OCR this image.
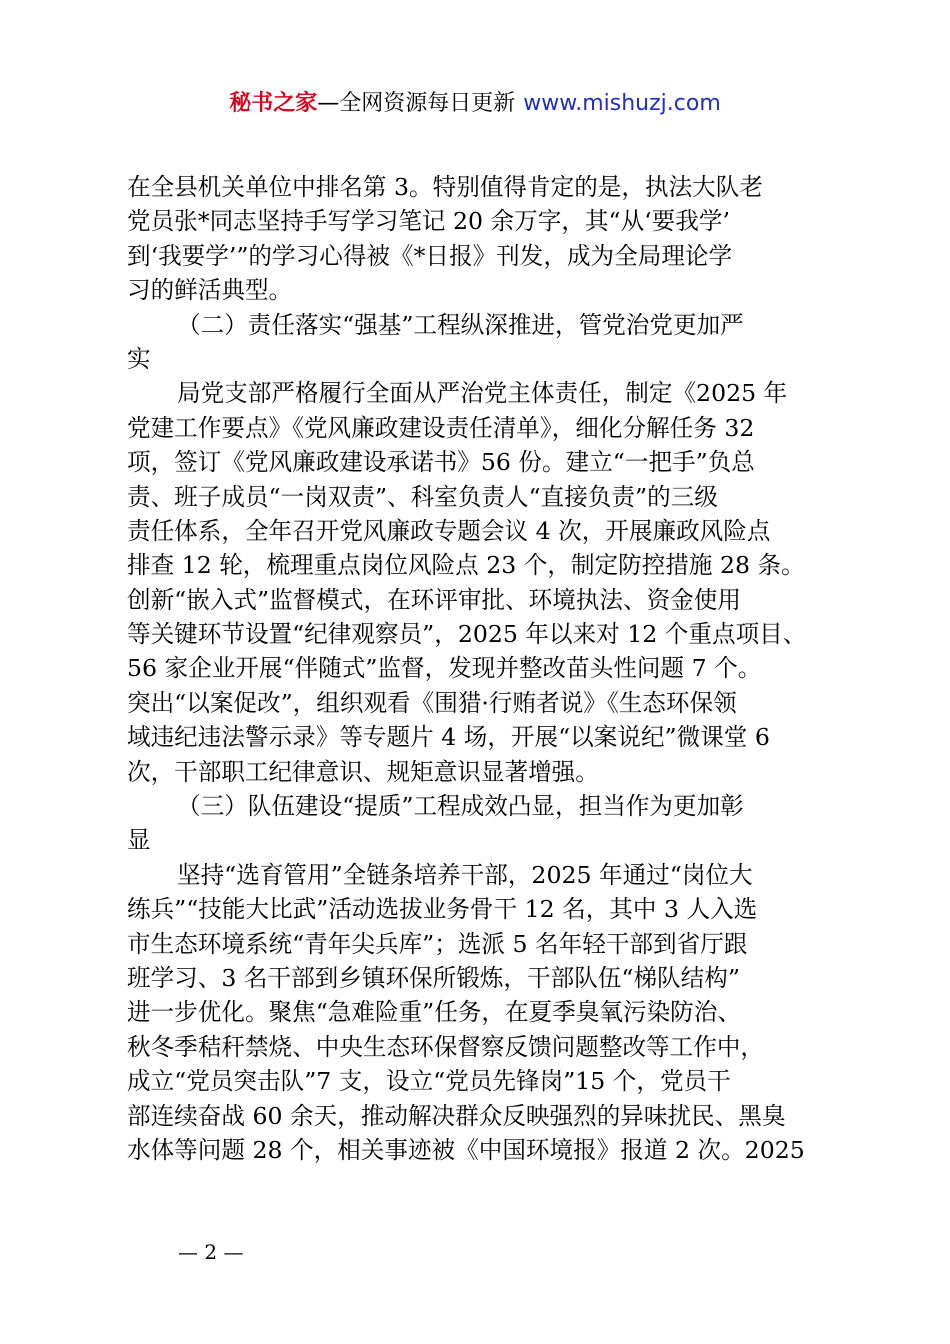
秘书之家—全网资源每日更新 www.mishuzj.com
在全县机关单位中排名第 3。特别值得肯定的是，执法大队老
党员张*同志坚持手写学习笔记 20 余万字，其“从‘要我学’
到‘我要学’”的学习心得被《*日报》刊发，成为全局理论学
习的鲜活典型。
（二）责任落实“强基”工程纵深推进，管党治党更加严
实
局党支部严格履行全面从严治党主体责任，制定《2025 年
党建工作要点》《党风廉政建设责任清单》，细化分解任务 32
项，签订《党风廉政建设承诺书》56 份。建立“一把手”负总
责、班子成员“一岗双责”、科室负责人“直接负责”的三级
责任体系，全年召开党风廉政专题会议 4 次，开展廉政风险点
排查 12 轮，梳理重点岗位风险点 23 个，制定防控措施 28 条。
创新“嵌入式”监督模式，在环评审批、环境执法、资金使用
等关键环节设置“纪律观察员”，2025 年以来对 12 个重点项目、
56 家企业开展“伴随式”监督，发现并整改苗头性问题 7 个。
突出“以案促改”，组织观看《围猎·行贿者说》《生态环保领
域违纪违法警示录》等专题片 4 场，开展“以案说纪”微课堂 6
次，干部职工纪律意识、规矩意识显著增强。
（三）队伍建设“提质”工程成效凸显，担当作为更加彰
显
坚持“选育管用”全链条培养干部，2025 年通过“岗位大
练兵”“技能大比武”活动选拔业务骨干 12 名，其中 3 人入选
市生态环境系统“青年尖兵库”；选派 5 名年轻干部到省厅跟
班学习、3 名干部到乡镇环保所锻炼，干部队伍“梯队结构”
进一步优化。聚焦“急难险重”任务，在夏季臭氧污染防治、
秋冬季秸秆禁烧、中央生态环保督察反馈问题整改等工作中，
成立“党员突击队”7 支，设立“党员先锋岗”15 个，党员干
部连续奋战 60 余天，推动解决群众反映强烈的异味扰民、黑臭
水体等问题 28 个，相关事迹被《中国环境报》报道 2 次。2025
— 2 —
